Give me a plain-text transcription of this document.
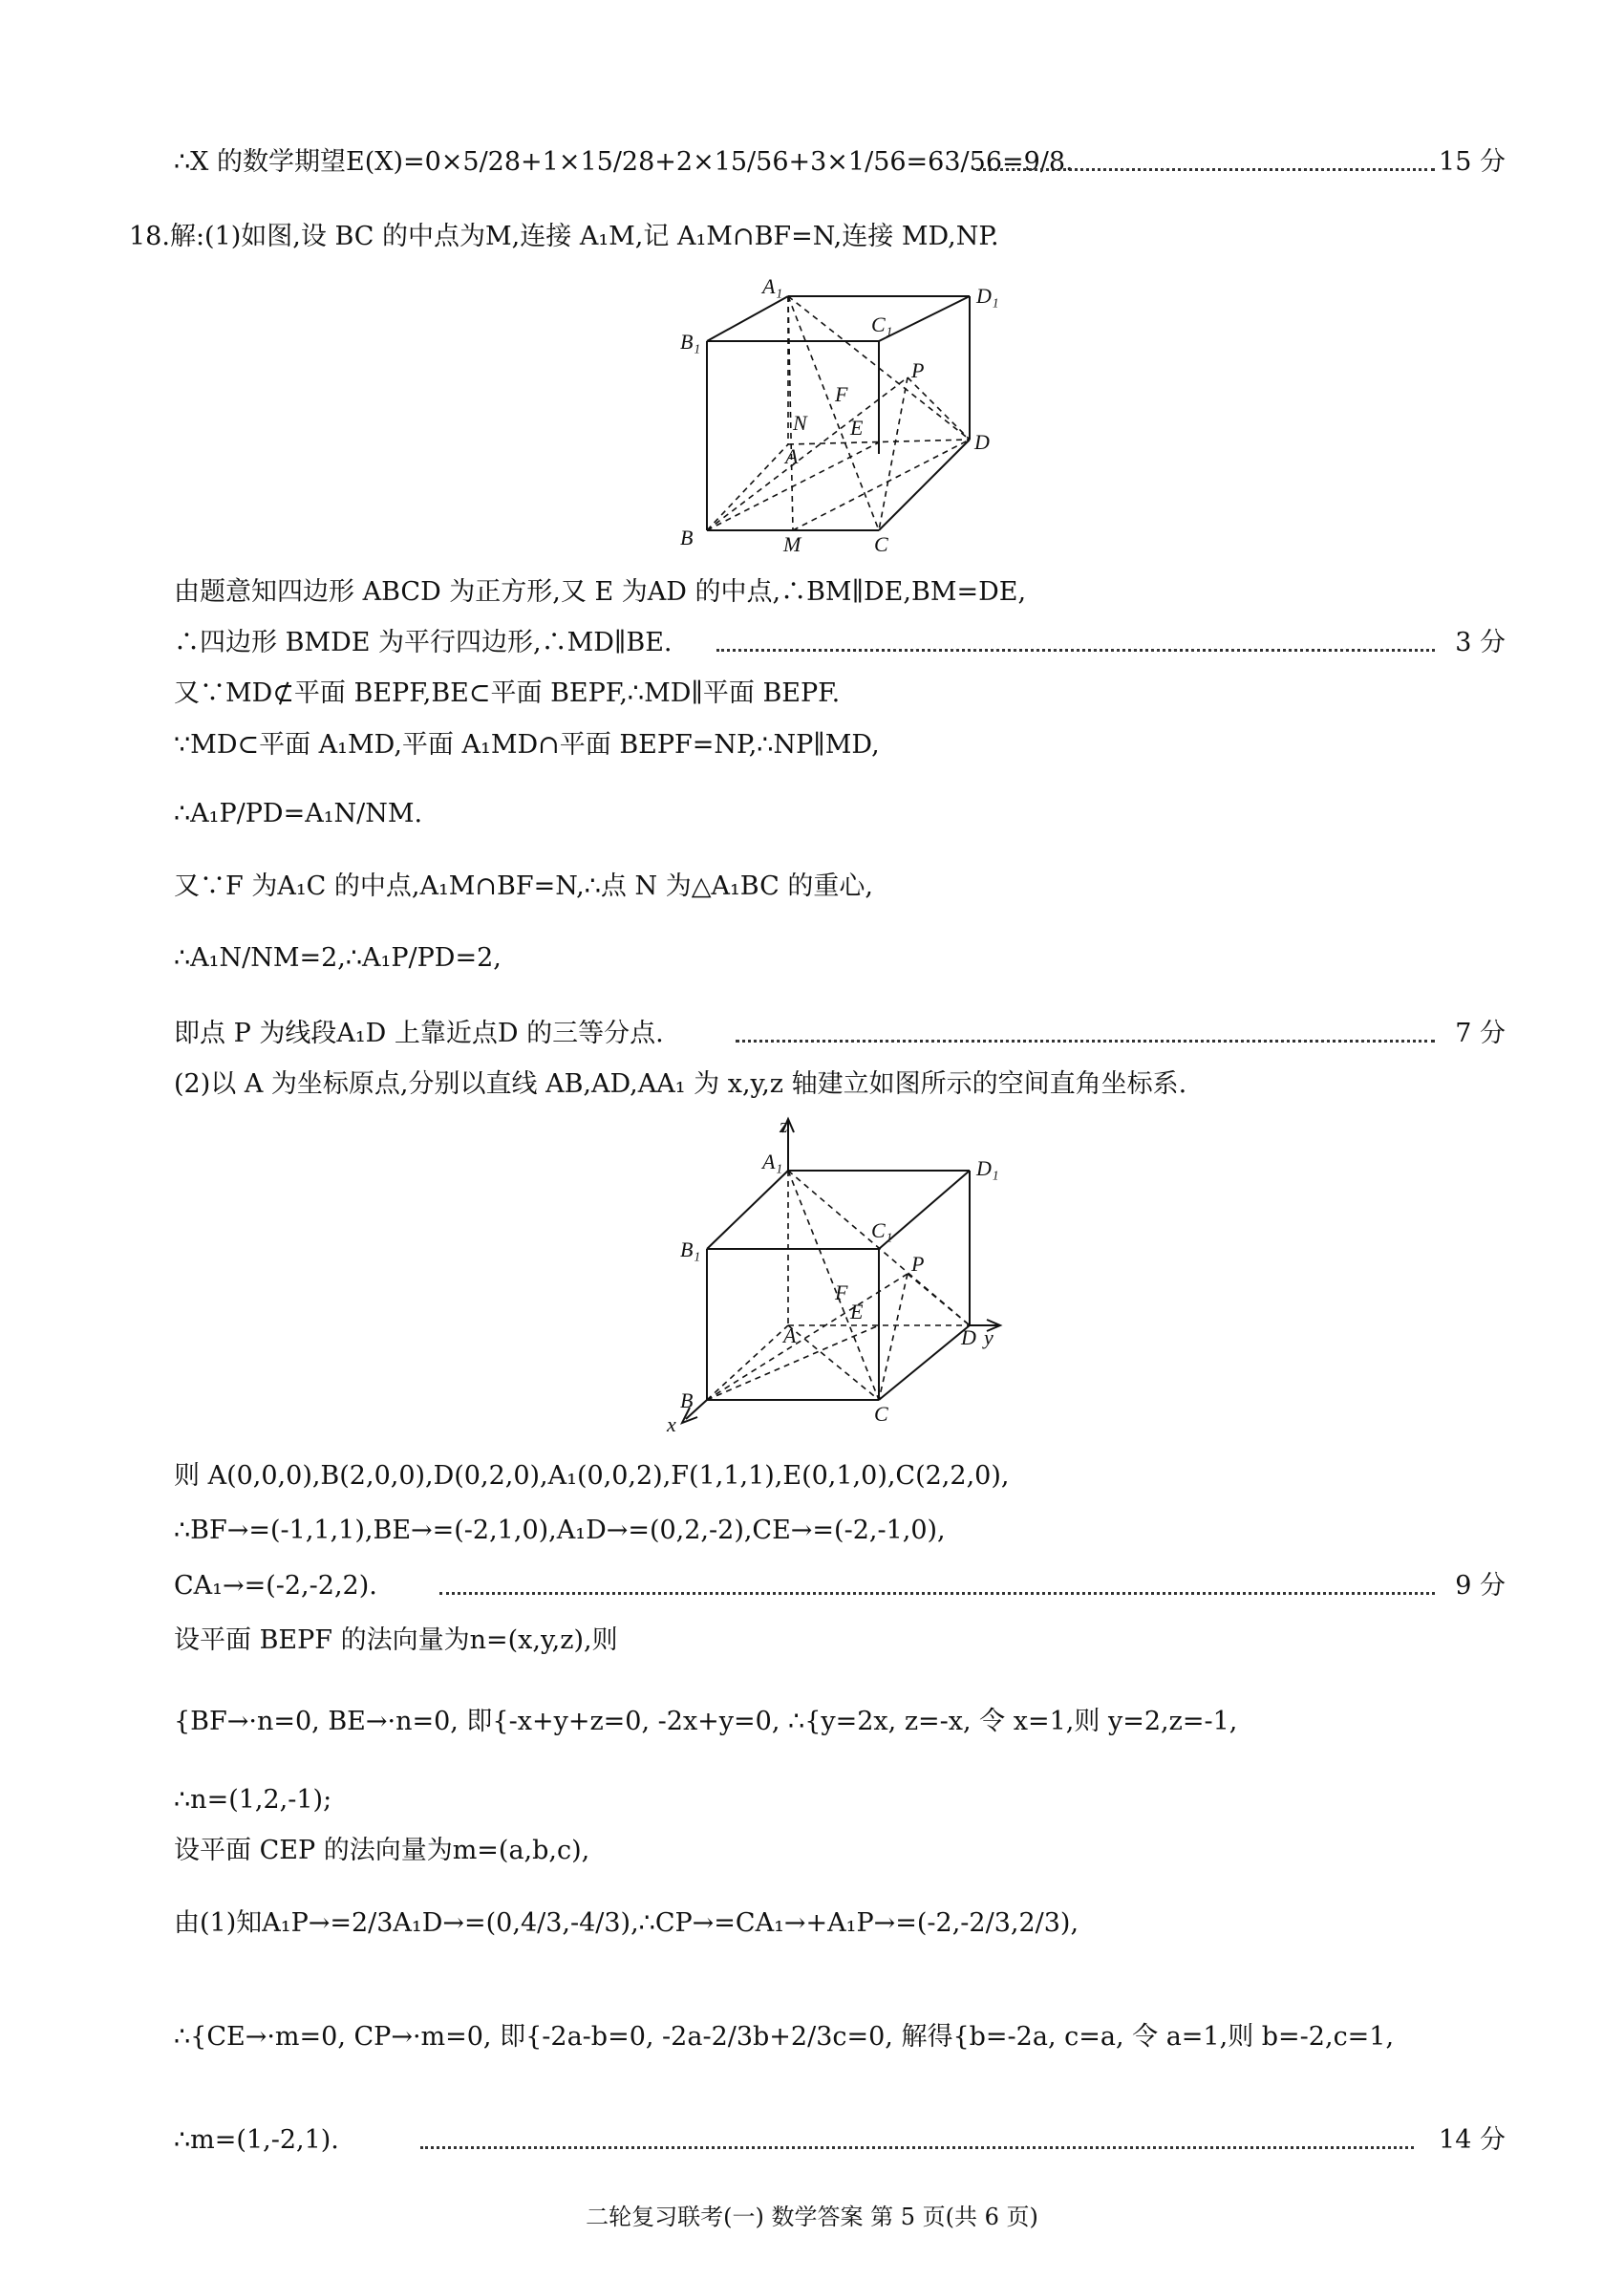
∴X 的数学期望E(X)=0×5/28+1×15/28+2×15/56+3×1/56=63/56=9/8.	15 分
18.解:(1)如图,设 BC 的中点为M,连接 A₁M,记 A₁M∩BF=N,连接 MD,NP.
A₁	D₁
B₁
C₁
P
F
N E
A
D
B	M	C
由题意知四边形 ABCD 为正方形,又 E 为AD 的中点,∴BM∥DE,BM=DE,
∴四边形 BMDE 为平行四边形,∴MD∥BE.	3 分
又∵MD⊄平面 BEPF,BE⊂平面 BEPF,∴MD∥平面 BEPF.
∵MD⊂平面 A₁MD,平面 A₁MD∩平面 BEPF=NP,∴NP∥MD,
∴A₁P/PD=A₁N/NM.
又∵F 为A₁C 的中点,A₁M∩BF=N,∴点 N 为△A₁BC 的重心,
∴A₁N/NM=2,∴A₁P/PD=2,
即点 P 为线段A₁D 上靠近点D 的三等分点.	7 分
(2)以 A 为坐标原点,分别以直线 AB,AD,AA₁ 为 x,y,z 轴建立如图所示的空间直角坐标系.
z
A₁	D₁
B₁
C₁
P
F
E
A	D y
B
C
x
则 A(0,0,0),B(2,0,0),D(0,2,0),A₁(0,0,2),F(1,1,1),E(0,1,0),C(2,2,0),
∴BF→=(-1,1,1),BE→=(-2,1,0),A₁D→=(0,2,-2),CE→=(-2,-1,0),
CA₁→=(-2,-2,2).	9 分
设平面 BEPF 的法向量为n=(x,y,z),则
{BF→·n=0, BE→·n=0, 即{-x+y+z=0, -2x+y=0, ∴{y=2x, z=-x, 令 x=1,则 y=2,z=-1,
∴n=(1,2,-1);
设平面 CEP 的法向量为m=(a,b,c),
由(1)知A₁P→=2/3A₁D→=(0,4/3,-4/3),∴CP→=CA₁→+A₁P→=(-2,-2/3,2/3),
∴{CE→·m=0, CP→·m=0, 即{-2a-b=0, -2a-2/3b+2/3c=0, 解得{b=-2a, c=a, 令 a=1,则 b=-2,c=1,
∴m=(1,-2,1).	14 分
二轮复习联考(一) 数学答案 第 5 页(共 6 页)
